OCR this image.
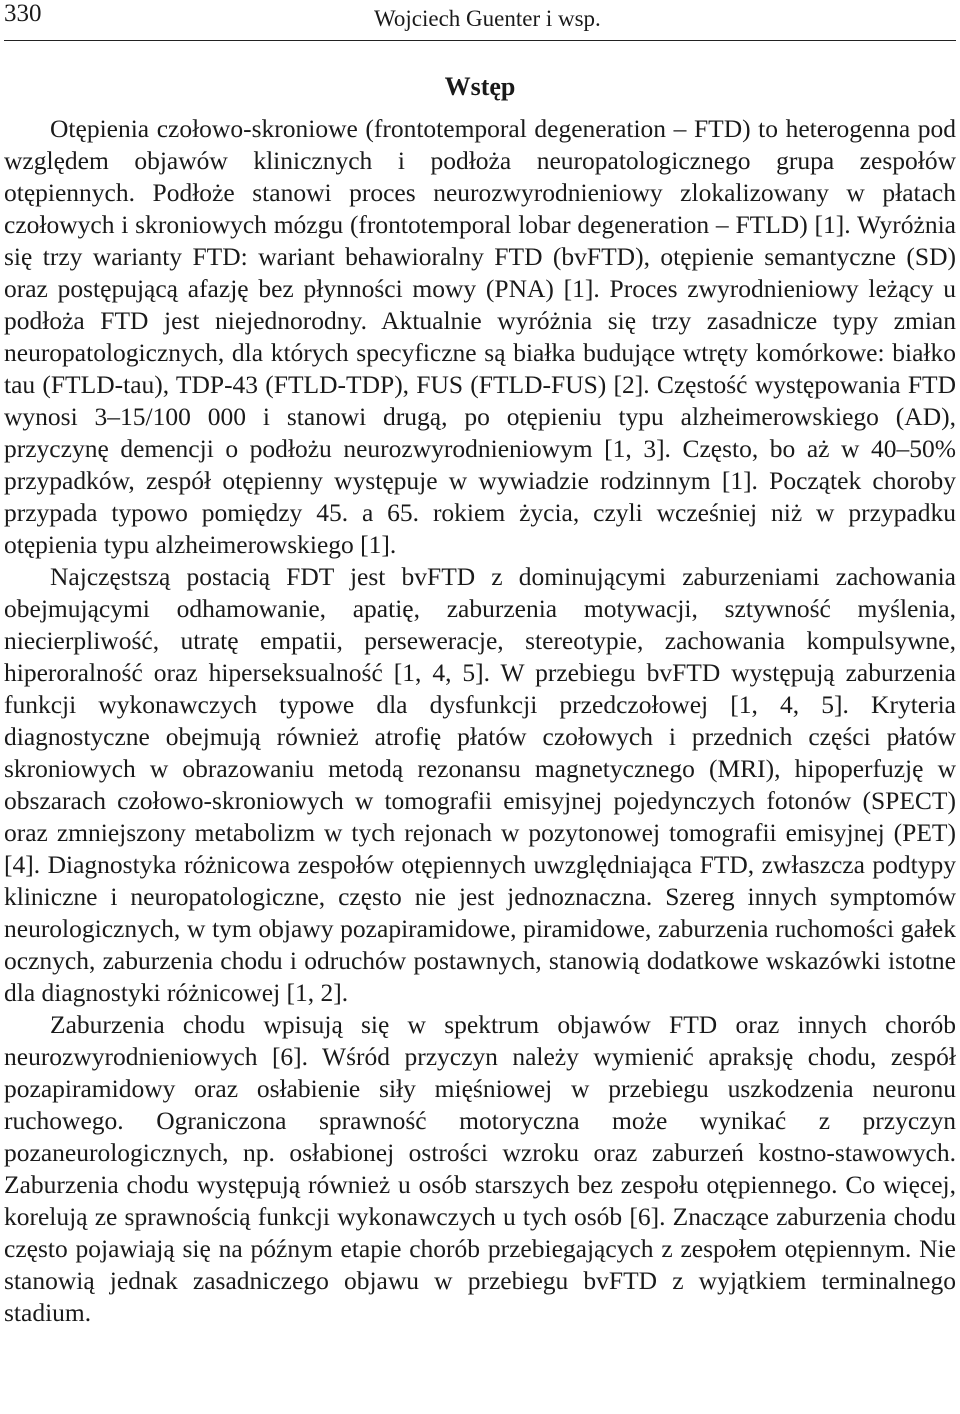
330	Wojciech Guenter i wsp.
Wstęp

Otępienia czołowo-skroniowe (frontotemporal degeneration – FTD) to heterogenna pod względem objawów klinicznych i podłoża neuropatologicznego grupa zespołów otępiennych. Podłoże stanowi proces neurozwyrodnieniowy zlokalizowany w płatach czołowych i skroniowych mózgu (frontotemporal lobar degeneration – FTLD) [1]. Wyróżnia się trzy warianty FTD: wariant behawioralny FTD (bvFTD), otępienie semantyczne (SD) oraz postępującą afazję bez płynności mowy (PNA) [1]. Proces zwyrodnieniowy leżący u podłoża FTD jest niejednorodny. Aktualnie wyróżnia się trzy zasadnicze typy zmian neuropatologicznych, dla których specyficzne są białka budujące wtręty komórkowe: białko tau (FTLD-tau), TDP-43 (FTLD-TDP), FUS (FTLD-FUS) [2]. Częstość występowania FTD wynosi 3–15/100 000 i stanowi drugą, po otępieniu typu alzheimerowskiego (AD), przyczynę demencji o podłożu neurozwyrodnieniowym [1, 3]. Często, bo aż w 40–50% przypadków, zespół otępienny występuje w wywiadzie rodzinnym [1]. Początek choroby przypada typowo pomiędzy 45. a 65. rokiem życia, czyli wcześniej niż w przypadku otępienia typu alzheimerowskiego [1].

Najczęstszą postacią FDT jest bvFTD z dominującymi zaburzeniami zachowania obejmującymi odhamowanie, apatię, zaburzenia motywacji, sztywność myślenia, niecierpliwość, utratę empatii, perseweracje, stereotypie, zachowania kompulsywne, hiperoralność oraz hiperseksualność [1, 4, 5]. W przebiegu bvFTD występują zaburzenia funkcji wykonawczych typowe dla dysfunkcji przedczołowej [1, 4, 5]. Kryteria diagnostyczne obejmują również atrofię płatów czołowych i przednich części płatów skroniowych w obrazowaniu metodą rezonansu magnetycznego (MRI), hipoperfuzję w obszarach czołowo-skroniowych w tomografii emisyjnej pojedynczych fotonów (SPECT) oraz zmniejszony metabolizm w tych rejonach w pozytonowej tomografii emisyjnej (PET) [4]. Diagnostyka różnicowa zespołów otępiennych uwzględniająca FTD, zwłaszcza podtypy kliniczne i neuropatologiczne, często nie jest jednoznaczna. Szereg innych symptomów neurologicznych, w tym objawy pozapiramidowe, piramidowe, zaburzenia ruchomości gałek ocznych, zaburzenia chodu i odruchów postawnych, stanowią dodatkowe wskazówki istotne dla diagnostyki różnicowej [1, 2].

Zaburzenia chodu wpisują się w spektrum objawów FTD oraz innych chorób neurozwyrodnieniowych [6]. Wśród przyczyn należy wymienić apraksję chodu, zespół pozapiramidowy oraz osłabienie siły mięśniowej w przebiegu uszkodzenia neuronu ruchowego. Ograniczona sprawność motoryczna może wynikać z przyczyn pozaneurologicznych, np. osłabionej ostrości wzroku oraz zaburzeń kostno-stawowych. Zaburzenia chodu występują również u osób starszych bez zespołu otępiennego. Co więcej, korelują ze sprawnością funkcji wykonawczych u tych osób [6]. Znaczące zaburzenia chodu często pojawiają się na późnym etapie chorób przebiegających z zespołem otępiennym. Nie stanowią jednak zasadniczego objawu w przebiegu bvFTD z wyjątkiem terminalnego stadium.
